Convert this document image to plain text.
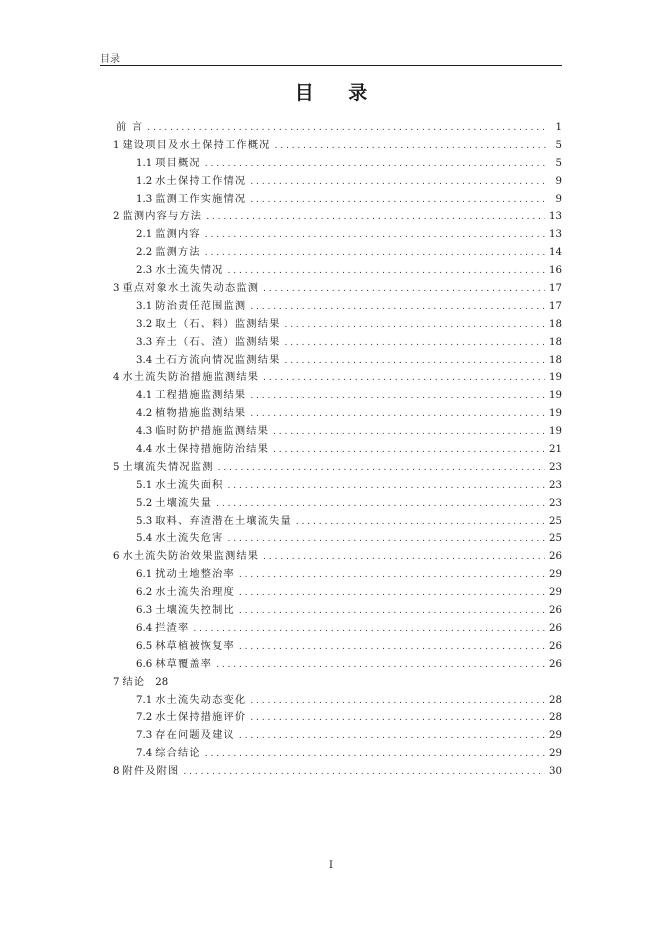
目录
目 录
前 言 . . .	1
1 建设项目及水土保持工作概况 . . .	5
1.1 项目概况 . . .	5
1.2 水土保持工作情况 . . .	9
1.3 监测工作实施情况 . . .	9
2 监测内容与方法 . . .	13
2.1 监测内容 . . .	13
2.2 监测方法 . . .	14
2.3 水土流失情况 . . .	16
3 重点对象水土流失动态监测 . . .	17
3.1 防治责任范围监测 . . .	17
3.2 取土（石、料）监测结果 . . .	18
3.3 弃土（石、渣）监测结果 . . .	18
3.4 土石方流向情况监测结果 . . .	18
4 水土流失防治措施监测结果 . . .	19
4.1 工程措施监测结果 . . .	19
4.2 植物措施监测结果 . . .	19
4.3 临时防护措施监测结果 . . .	19
4.4 水土保持措施防治结果 . . .	21
5 土壤流失情况监测 . . .	23
5.1 水土流失面积 . . .	23
5.2 土壤流失量 . . .	23
5.3 取料、弃渣潜在土壤流失量 . . .	25
5.4 水土流失危害 . . .	25
6 水土流失防治效果监测结果 . . .	26
6.1 扰动土地整治率 . . .	29
6.2 水土流失治理度 . . .	29
6.3 土壤流失控制比 . . .	26
6.4 拦渣率 . . .	26
6.5 林草植被恢复率 . . .	26
6.6 林草覆盖率 . . .	26
7 结论 28
7.1 水土流失动态变化 . . .	28
7.2 水土保持措施评价 . . .	28
7.3 存在问题及建议 . . .	29
7.4 综合结论 . . .	29
8 附件及附图 . . .	30
I
